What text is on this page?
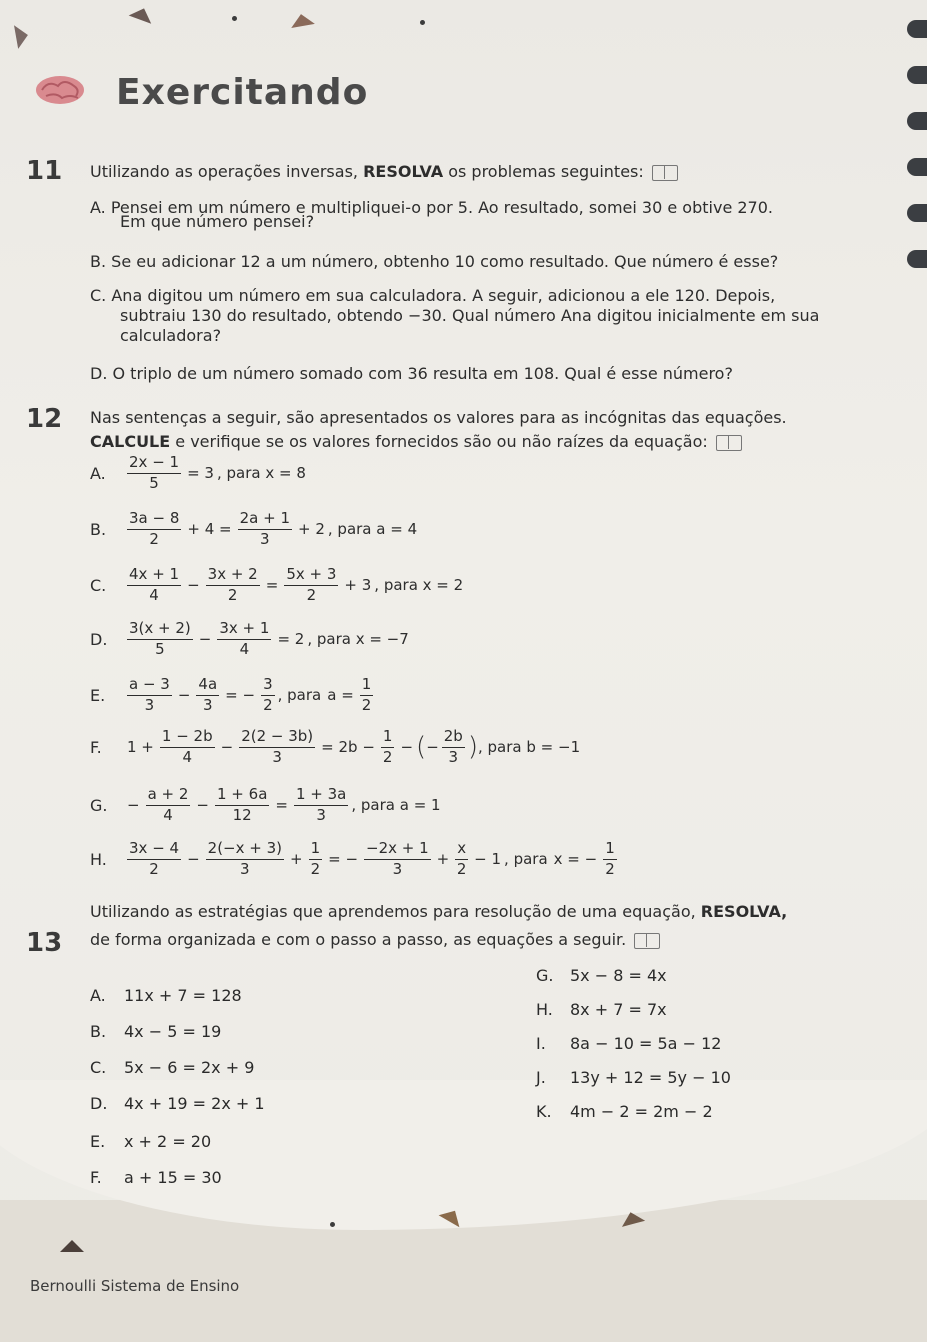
Exercitando
11 Utilizando as operações inversas, RESOLVA os problemas seguintes:
A. Pensei em um número e multipliquei-o por 5. Ao resultado, somei 30 e obtive 270.
Em que número pensei?
B. Se eu adicionar 12 a um número, obtenho 10 como resultado. Que número é esse?
C. Ana digitou um número em sua calculadora. A seguir, adicionou a ele 120. Depois,
subtraiu 130 do resultado, obtendo −30. Qual número Ana digitou inicialmente em sua
calculadora?
D. O triplo de um número somado com 36 resulta em 108. Qual é esse número?
12 Nas sentenças a seguir, são apresentados os valores para as incógnitas das equações.
CALCULE e verifique se os valores fornecidos são ou não raízes da equação:
A.	$\frac{2x - 1}{5} = 3$ , para x = 8
B.	$\frac{3a - 8}{2} + 4 = \frac{2a + 1}{3} + 2$ , para a = 4
C.	$\frac{4x + 1}{4} - \frac{3x + 2}{2} = \frac{5x + 3}{2} + 3$ , para x = 2
D.	$\frac{3(x + 2)}{5} - \frac{3x + 1}{4} = 2$ , para x = −7
E.	$\frac{a - 3}{3} - \frac{4a}{3}$ = − $\frac{3}{2}$ , para $a = \frac{1}{2}$
F.	$1 + \frac{1 - 2b}{4} - \frac{2(2 - 3b)}{3} = 2b - \frac{1}{2}$ − ( − $\frac{2b}{3}$ ) , para b = −1
G.	− $\frac{a + 2}{4} - \frac{1 + 6a}{12} = \frac{1 + 3a}{3}$ , para a = 1
H.	$\frac{3x - 4}{2} - \frac{2(-x + 3)}{3} + \frac{1}{2}$ = − $\frac{-2x + 1}{3} + \frac{x}{2} - 1$ , para x = − $\frac{1}{2}$
13
Utilizando as estratégias que aprendemos para resolução de uma equação, RESOLVA,
de forma organizada e com o passo a passo, as equações a seguir.
A. 11x + 7 = 128
B. 4x − 5 = 19
C. 5x − 6 = 2x + 9
D. 4x + 19 = 2x + 1
E. x + 2 = 20
F. a + 15 = 30
G. 5x − 8 = 4x
H. 8x + 7 = 7x
I. 8a − 10 = 5a − 12
J. 13y + 12 = 5y − 10
K. 4m − 2 = 2m − 2
Bernoulli Sistema de Ensino
